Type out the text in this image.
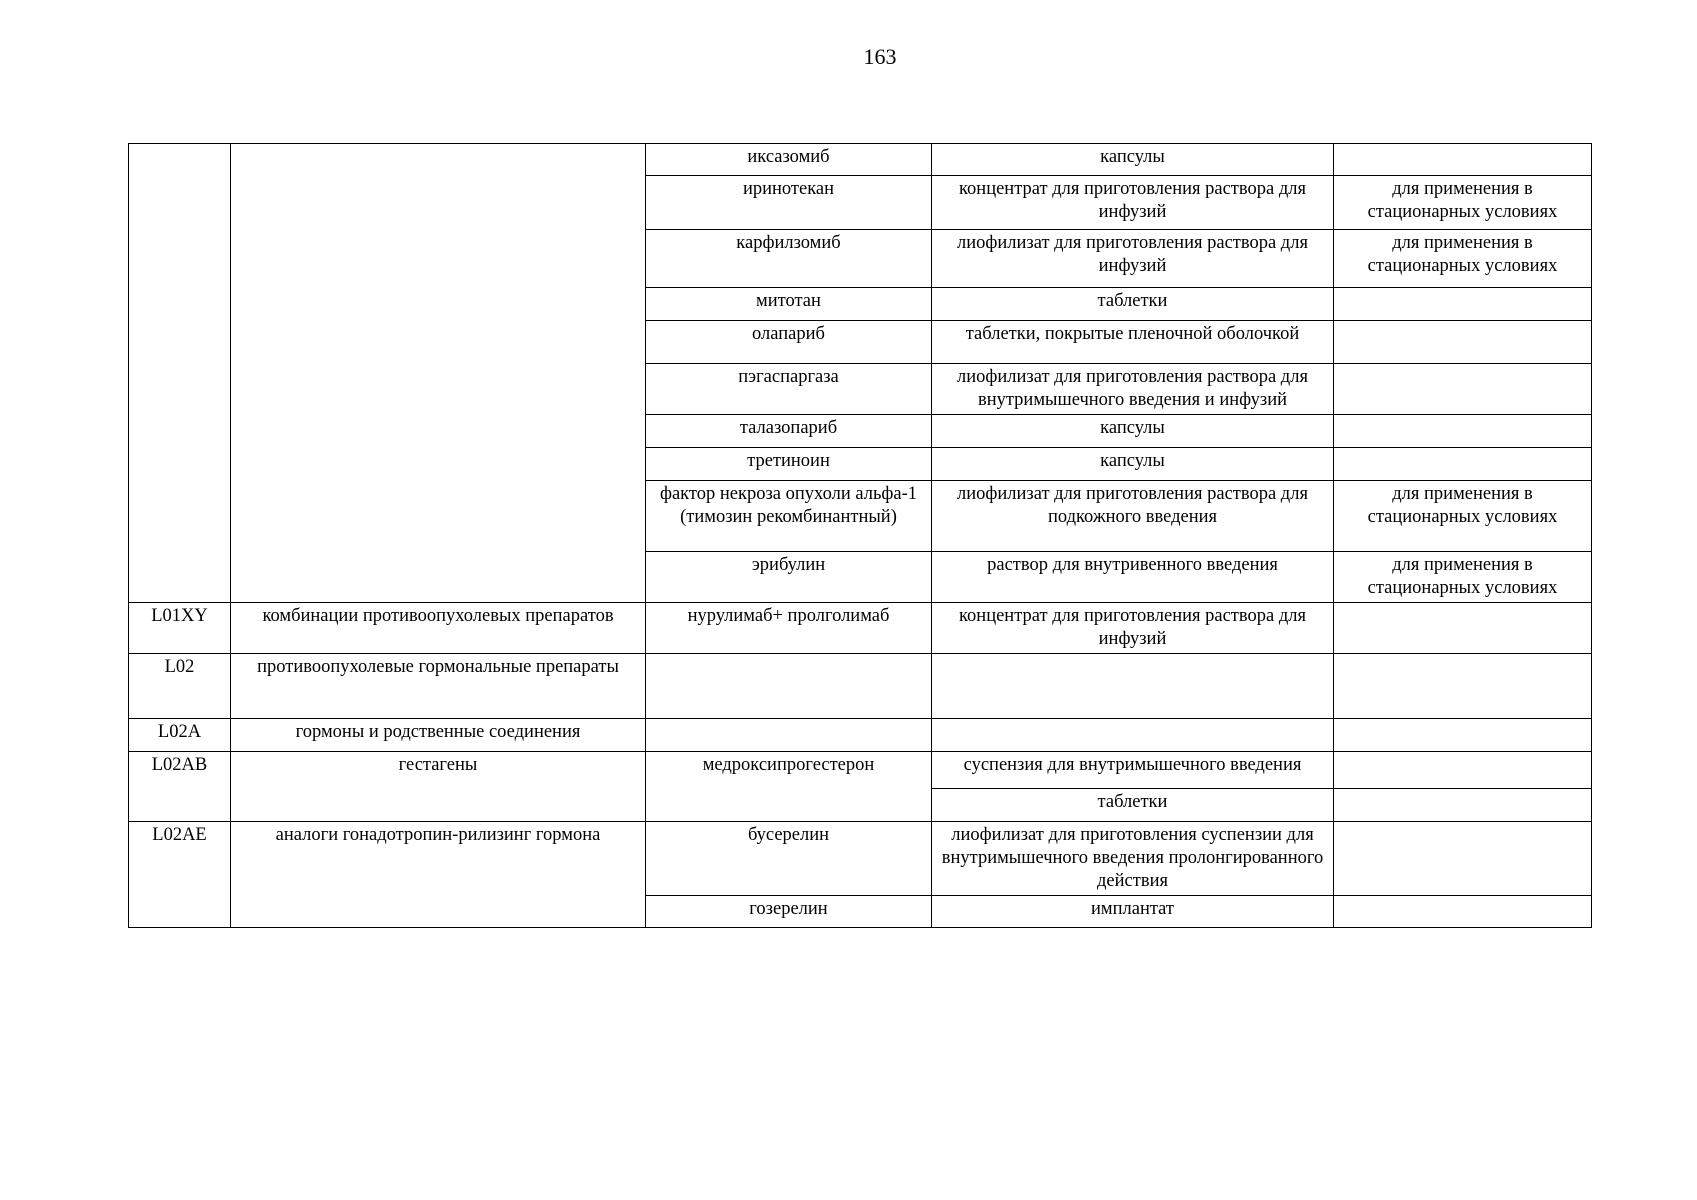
163
		иксазомиб	капсулы	
		иринотекан	концентрат для приготовления раствора для инфузий	для применения в стационарных условиях
		карфилзомиб	лиофилизат для приготовления раствора для инфузий	для применения в стационарных условиях
		митотан	таблетки	
		олапариб	таблетки, покрытые пленочной оболочкой	
		пэгаспаргаза	лиофилизат для приготовления раствора для внутримышечного введения и инфузий	
		талазопариб	капсулы	
		третиноин	капсулы	
		фактор некроза опухоли альфа-1 (тимозин рекомбинантный)	лиофилизат для приготовления раствора для подкожного введения	для применения в стационарных условиях
		эрибулин	раствор для внутривенного введения	для применения в стационарных условиях
L01XY	комбинации противоопухолевых препаратов	нурулимаб+ пролголимаб	концентрат для приготовления раствора для инфузий	
L02	противоопухолевые гормональные препараты			
L02A	гормоны и родственные соединения			
L02AB	гестагены	медроксипрогестерон	суспензия для внутримышечного введения	
			таблетки	
L02AE	аналоги гонадотропин-рилизинг гормона	бусерелин	лиофилизат для приготовления суспензии для внутримышечного введения пролонгированного действия	
		гозерелин	имплантат	
